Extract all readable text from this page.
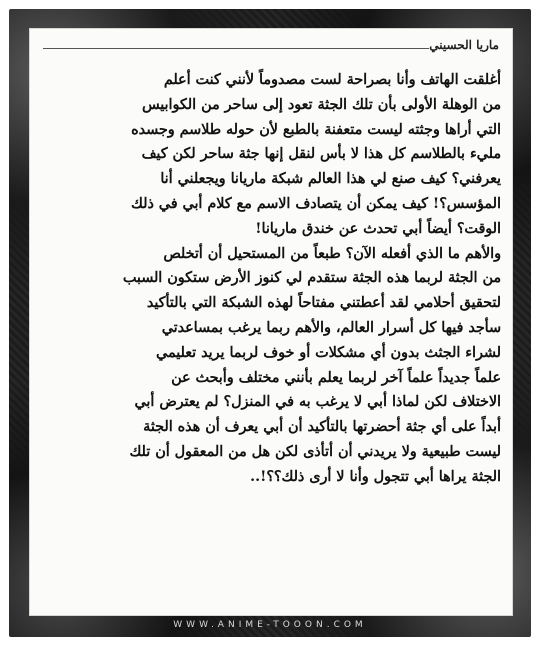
ماريا الحسيني
أغلقت الهاتف وأنا بصراحة لست مصدوماً لأنني كنت أعلم
من الوهلة الأولى بأن تلك الجثة تعود إلى ساحر من الكوابيس
التي أراها وجثته ليست متعفنة بالطبع لأن حوله طلاسم وجسده
مليء بالطلاسم كل هذا لا بأس لنقل إنها جثة ساحر لكن كيف
يعرفني؟ كيف صنع لي هذا العالم شبكة ماريانا ويجعلني أنا
المؤسس؟! كيف يمكن أن يتصادف الاسم مع كلام أبي في ذلك
الوقت؟ أيضاً أبي تحدث عن خندق ماريانا!
والأهم ما الذي أفعله الآن؟ طبعاً من المستحيل أن أتخلص
من الجثة لربما هذه الجثة ستقدم لي كنوز الأرض ستكون السبب
لتحقيق أحلامي لقد أعطتني مفتاحاً لهذه الشبكة التي بالتأكيد
سأجد فيها كل أسرار العالم، والأهم ربما يرغب بمساعدتي
لشراء الجثث بدون أي مشكلات أو خوف لربما يريد تعليمي
علماً جديداً علماً آخر لربما يعلم بأنني مختلف وأبحث عن
الاختلاف لكن لماذا أبي لا يرغب به في المنزل؟ لم يعترض أبي
أبداً على أي جثة أحضرتها بالتأكيد أن أبي يعرف أن هذه الجثة
ليست طبيعية ولا يريدني أن أتأذى لكن هل من المعقول أن تلك
الجثة يراها أبي تتجول وأنا لا أرى ذلك؟؟!..
WWW.ANIME-TOOON.COM
